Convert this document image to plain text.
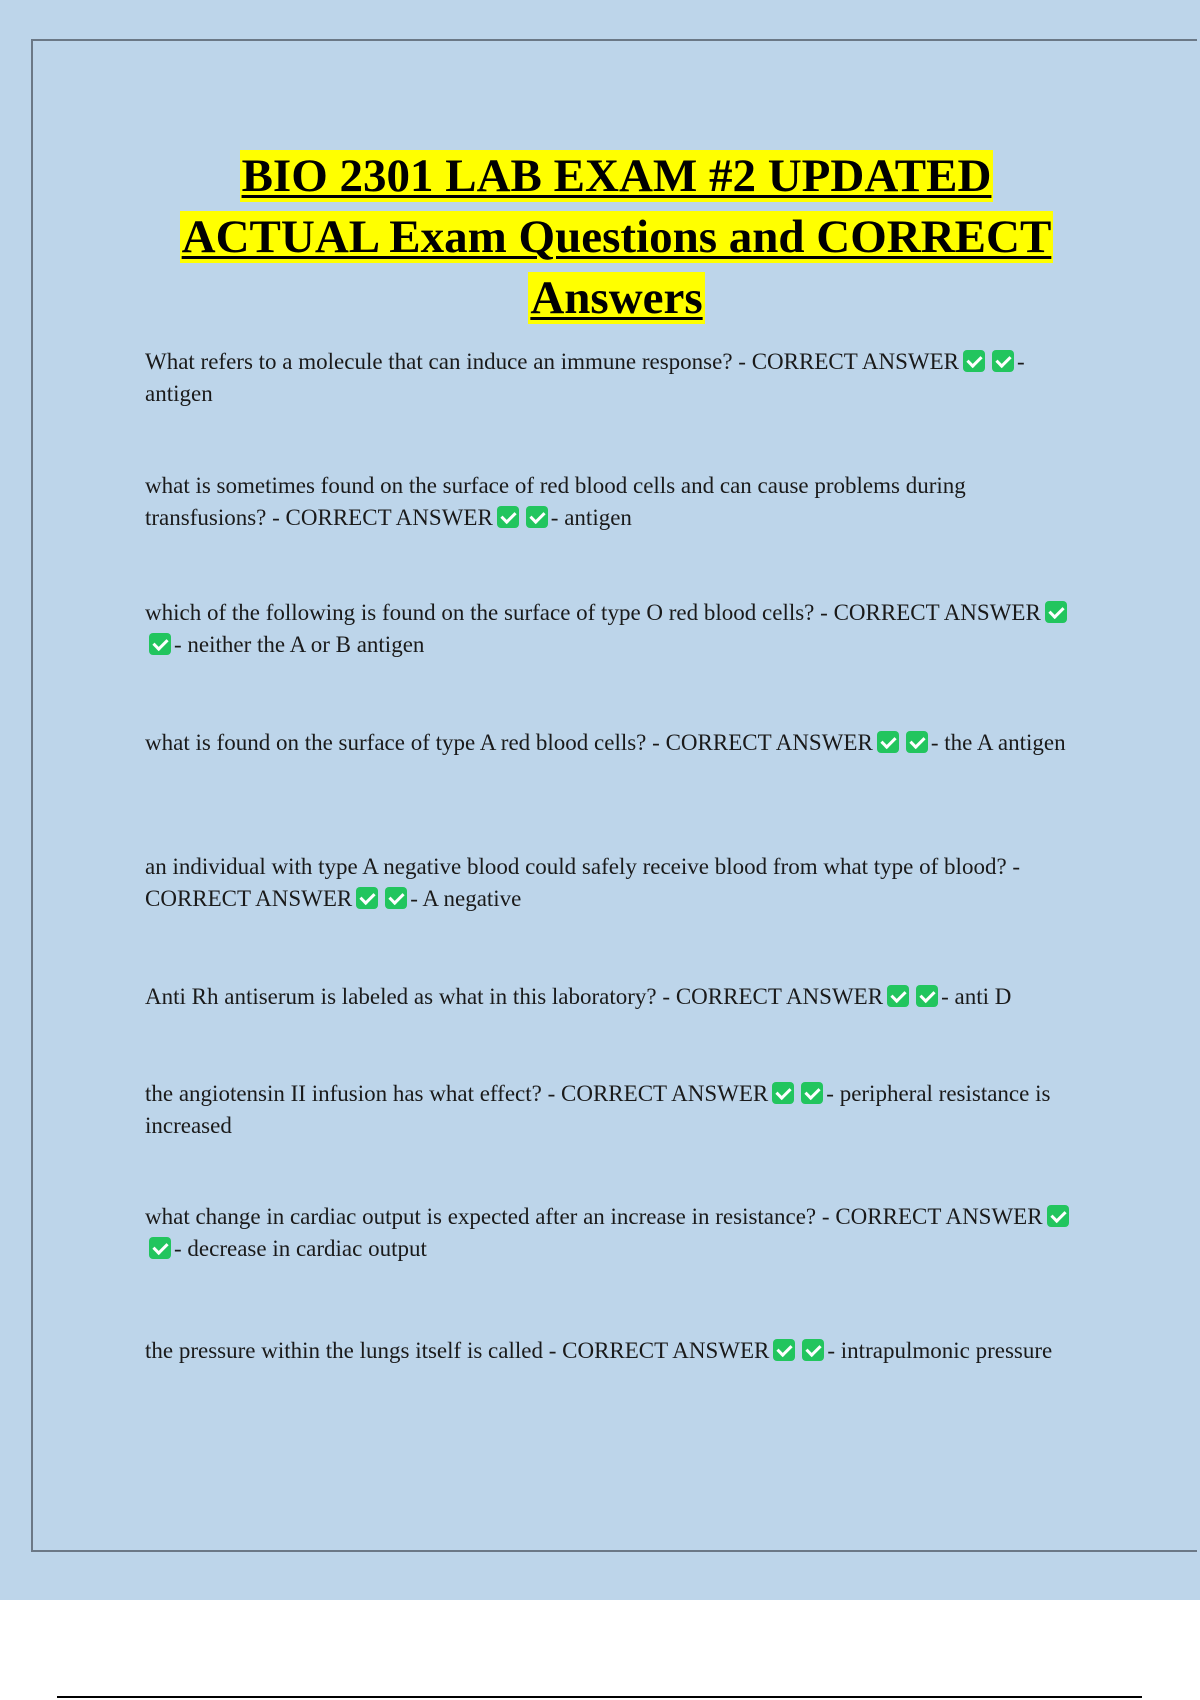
BIO 2301 LAB EXAM #2 UPDATED
ACTUAL Exam Questions and CORRECT
Answers
What refers to a molecule that can induce an immune response? - CORRECT ANSWER	- antigen
what is sometimes found on the surface of red blood cells and can cause problems during transfusions? - CORRECT ANSWER	- antigen
which of the following is found on the surface of type O red blood cells? - CORRECT ANSWER- neither the A or B antigen
what is found on the surface of type A red blood cells? - CORRECT ANSWER	- the A antigen
an individual with type A negative blood could safely receive blood from what type of blood? - CORRECT ANSWER	- A negative
Anti Rh antiserum is labeled as what in this laboratory? - CORRECT ANSWER	- anti D
the angiotensin II infusion has what effect? - CORRECT ANSWER	- peripheral resistance is increased
what change in cardiac output is expected after an increase in resistance? - CORRECT ANSWER- decrease in cardiac output
the pressure within the lungs itself is called - CORRECT ANSWER	- intrapulmonic pressure
